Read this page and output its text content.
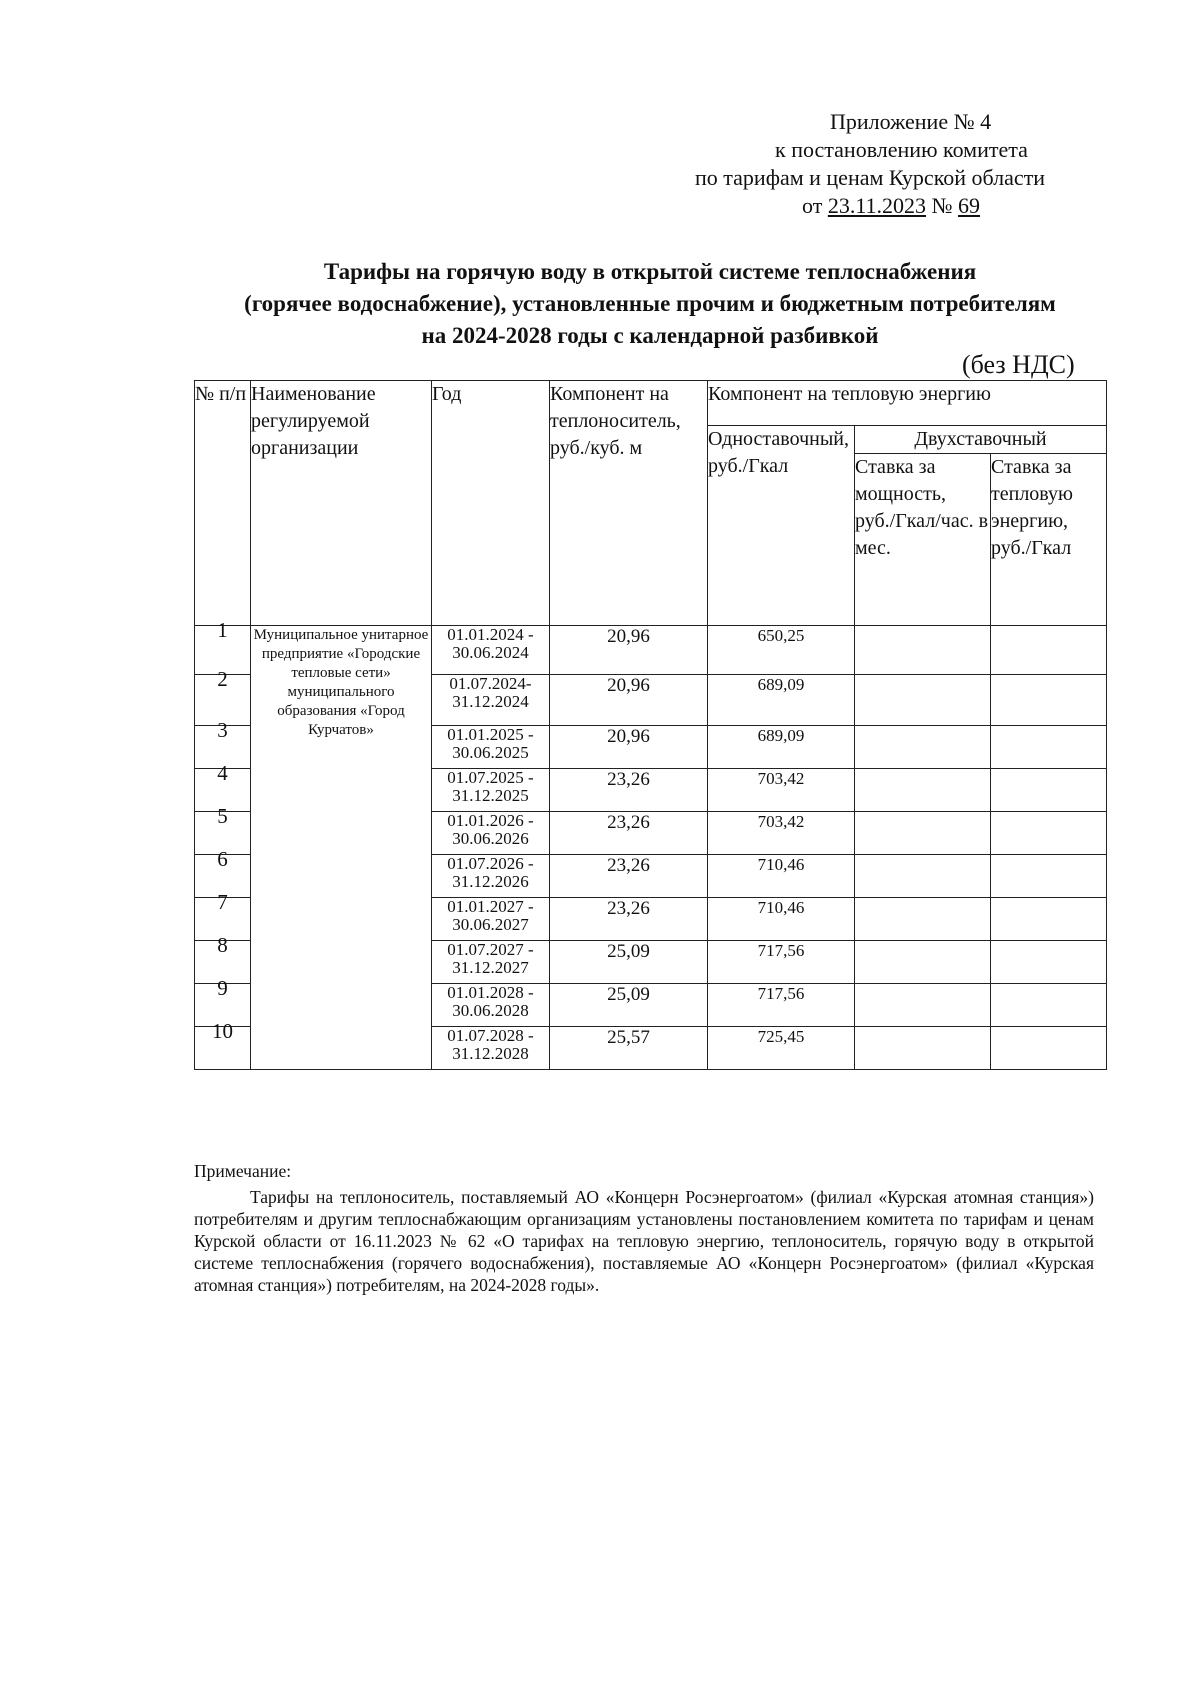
Приложение № 4
к постановлению комитета
по тарифам и ценам Курской области
от 23.11.2023 № 69
Тарифы на горячую воду в открытой системе теплоснабжения
(горячее водоснабжение), установленные прочим и бюджетным потребителям
на 2024-2028 годы с календарной разбивкой
(без НДС)
№ п/п	Наименование регулируемой организации	Год	Компонент на теплоноситель, руб./куб. м	Компонент на тепловую энергию		
				Одноставочный, руб./Гкал	Двухставочный	
					Ставка за мощность, руб./Гкал/час. в мес.	Ставка за тепловую энергию, руб./Гкал

1	Муниципальное унитарное предприятие «Городские тепловые сети» муниципального образования «Город Курчатов»	01.01.2024 - 30.06.2024	20,96	650,25		

2		01.07.2024- 31.12.2024	20,96	689,09		

3		01.01.2025 - 30.06.2025	20,96	689,09		

4		01.07.2025 - 31.12.2025	23,26	703,42		

5		01.01.2026 - 30.06.2026	23,26	703,42		

6		01.07.2026 - 31.12.2026	23,26	710,46		

7		01.01.2027 - 30.06.2027	23,26	710,46		

8		01.07.2027 - 31.12.2027	25,09	717,56		

9		01.01.2028 - 30.06.2028	25,09	717,56		

10		01.07.2028 - 31.12.2028	25,57	725,45		
Примечание:
Тарифы на теплоноситель, поставляемый АО «Концерн Росэнергоатом» (филиал «Курская атомная станция») потребителям и другим теплоснабжающим организациям установлены постановлением комитета по тарифам и ценам Курской области от 16.11.2023 № 62 «О тарифах на тепловую энергию, теплоноситель, горячую воду в открытой системе теплоснабжения (горячего водоснабжения), поставляемые АО «Концерн Росэнергоатом» (филиал «Курская атомная станция») потребителям, на 2024-2028 годы».
